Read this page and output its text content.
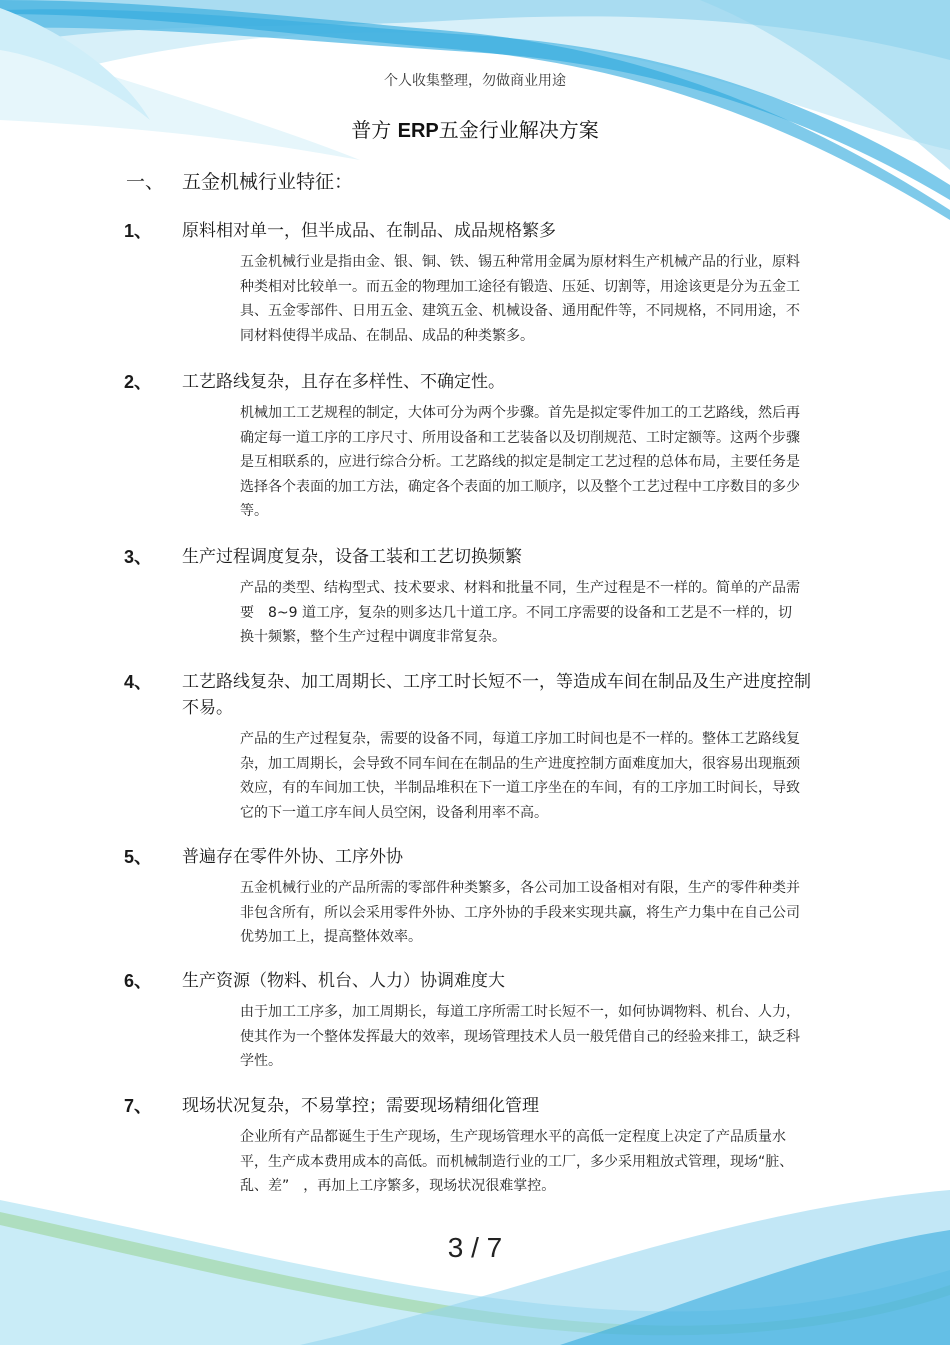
个人收集整理，勿做商业用途
普方 ERP五金行业解决方案
一、 五金机械行业特征：
1、	原料相对单一，但半成品、在制品、成品规格繁多
五金机械行业是指由金、银、铜、铁、锡五种常用金属为原材料生产机械产品的行业，原料种类相对比较单一。而五金的物理加工途径有锻造、压延、切割等，用途该更是分为五金工具、五金零部件、日用五金、建筑五金、机械设备、通用配件等，不同规格，不同用途，不同材料使得半成品、在制品、成品的种类繁多。
2、	工艺路线复杂，且存在多样性、不确定性。
机械加工工艺规程的制定，大体可分为两个步骤。首先是拟定零件加工的工艺路线，然后再确定每一道工序的工序尺寸、所用设备和工艺装备以及切削规范、工时定额等。这两个步骤是互相联系的，应进行综合分析。工艺路线的拟定是制定工艺过程的总体布局，主要任务是选择各个表面的加工方法，确定各个表面的加工顺序，以及整个工艺过程中工序数目的多少等。
3、	生产过程调度复杂，设备工装和工艺切换频繁
产品的类型、结构型式、技术要求、材料和批量不同，生产过程是不一样的。简单的产品需要　8~9 道工序，复杂的则多达几十道工序。不同工序需要的设备和工艺是不一样的，切换十频繁，整个生产过程中调度非常复杂。
4、	工艺路线复杂、加工周期长、工序工时长短不一，等造成车间在制品及生产进度控制不易。
产品的生产过程复杂，需要的设备不同，每道工序加工时间也是不一样的。整体工艺路线复杂，加工周期长，会导致不同车间在在制品的生产进度控制方面难度加大，很容易出现瓶颈效应，有的车间加工快，半制品堆积在下一道工序坐在的车间，有的工序加工时间长，导致它的下一道工序车间人员空闲，设备利用率不高。
5、	普遍存在零件外协、工序外协
五金机械行业的产品所需的零部件种类繁多，各公司加工设备相对有限，生产的零件种类并非包含所有，所以会采用零件外协、工序外协的手段来实现共赢，将生产力集中在自己公司优势加工上，提高整体效率。
6、	生产资源（物料、机台、人力）协调难度大
由于加工工序多，加工周期长，每道工序所需工时长短不一，如何协调物料、机台、人力，使其作为一个整体发挥最大的效率，现场管理技术人员一般凭借自己的经验来排工，缺乏科学性。
7、	现场状况复杂，不易掌控；需要现场精细化管理
企业所有产品都诞生于生产现场，生产现场管理水平的高低一定程度上决定了产品质量水平，生产成本费用成本的高低。而机械制造行业的工厂，多少采用粗放式管理，现场“脏、乱、差”　，再加上工序繁多，现场状况很难掌控。
3 / 7
